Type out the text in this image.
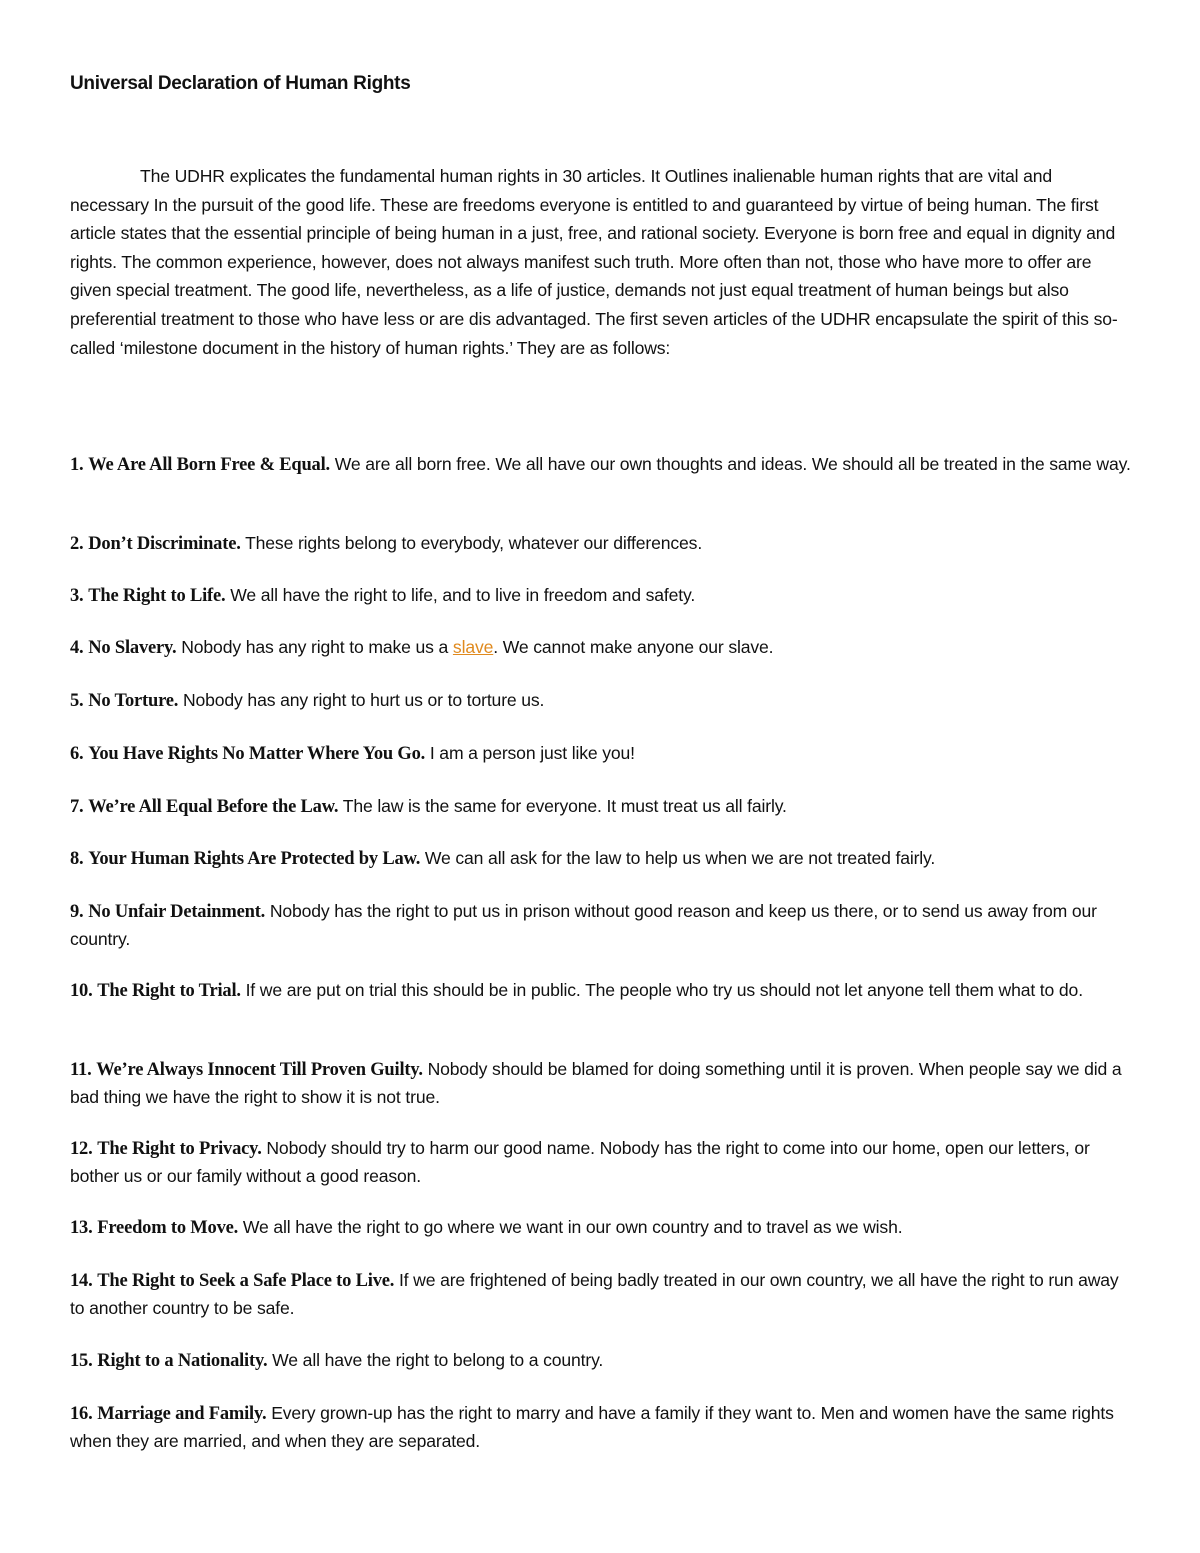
Universal Declaration of Human Rights

The UDHR explicates the fundamental human rights in 30 articles. It Outlines inalienable human rights that are vital and necessary In the pursuit of the good life. These are freedoms everyone is entitled to and guaranteed by virtue of being human. The first article states that the essential principle of being human in a just, free, and rational society. Everyone is born free and equal in dignity and rights. The common experience, however, does not always manifest such truth. More often than not, those who have more to offer are given special treatment. The good life, nevertheless, as a life of justice, demands not just equal treatment of human beings but also preferential treatment to those who have less or are dis advantaged. The first seven articles of the UDHR encapsulate the spirit of this so-called ‘milestone document in the history of human rights.’ They are as follows:

1. We Are All Born Free & Equal. We are all born free. We all have our own thoughts and ideas. We should all be treated in the same way.

2. Don’t Discriminate. These rights belong to everybody, whatever our differences.

3. The Right to Life. We all have the right to life, and to live in freedom and safety.

4. No Slavery. Nobody has any right to make us a slave. We cannot make anyone our slave.

5. No Torture. Nobody has any right to hurt us or to torture us.

6. You Have Rights No Matter Where You Go. I am a person just like you!

7. We’re All Equal Before the Law. The law is the same for everyone. It must treat us all fairly.

8. Your Human Rights Are Protected by Law. We can all ask for the law to help us when we are not treated fairly.

9. No Unfair Detainment. Nobody has the right to put us in prison without good reason and keep us there, or to send us away from our country.

10. The Right to Trial. If we are put on trial this should be in public. The people who try us should not let anyone tell them what to do.

11. We’re Always Innocent Till Proven Guilty. Nobody should be blamed for doing something until it is proven. When people say we did a bad thing we have the right to show it is not true.

12. The Right to Privacy. Nobody should try to harm our good name. Nobody has the right to come into our home, open our letters, or bother us or our family without a good reason.

13. Freedom to Move. We all have the right to go where we want in our own country and to travel as we wish.

14. The Right to Seek a Safe Place to Live. If we are frightened of being badly treated in our own country, we all have the right to run away to another country to be safe.

15. Right to a Nationality. We all have the right to belong to a country.

16. Marriage and Family. Every grown-up has the right to marry and have a family if they want to. Men and women have the same rights when they are married, and when they are separated.
